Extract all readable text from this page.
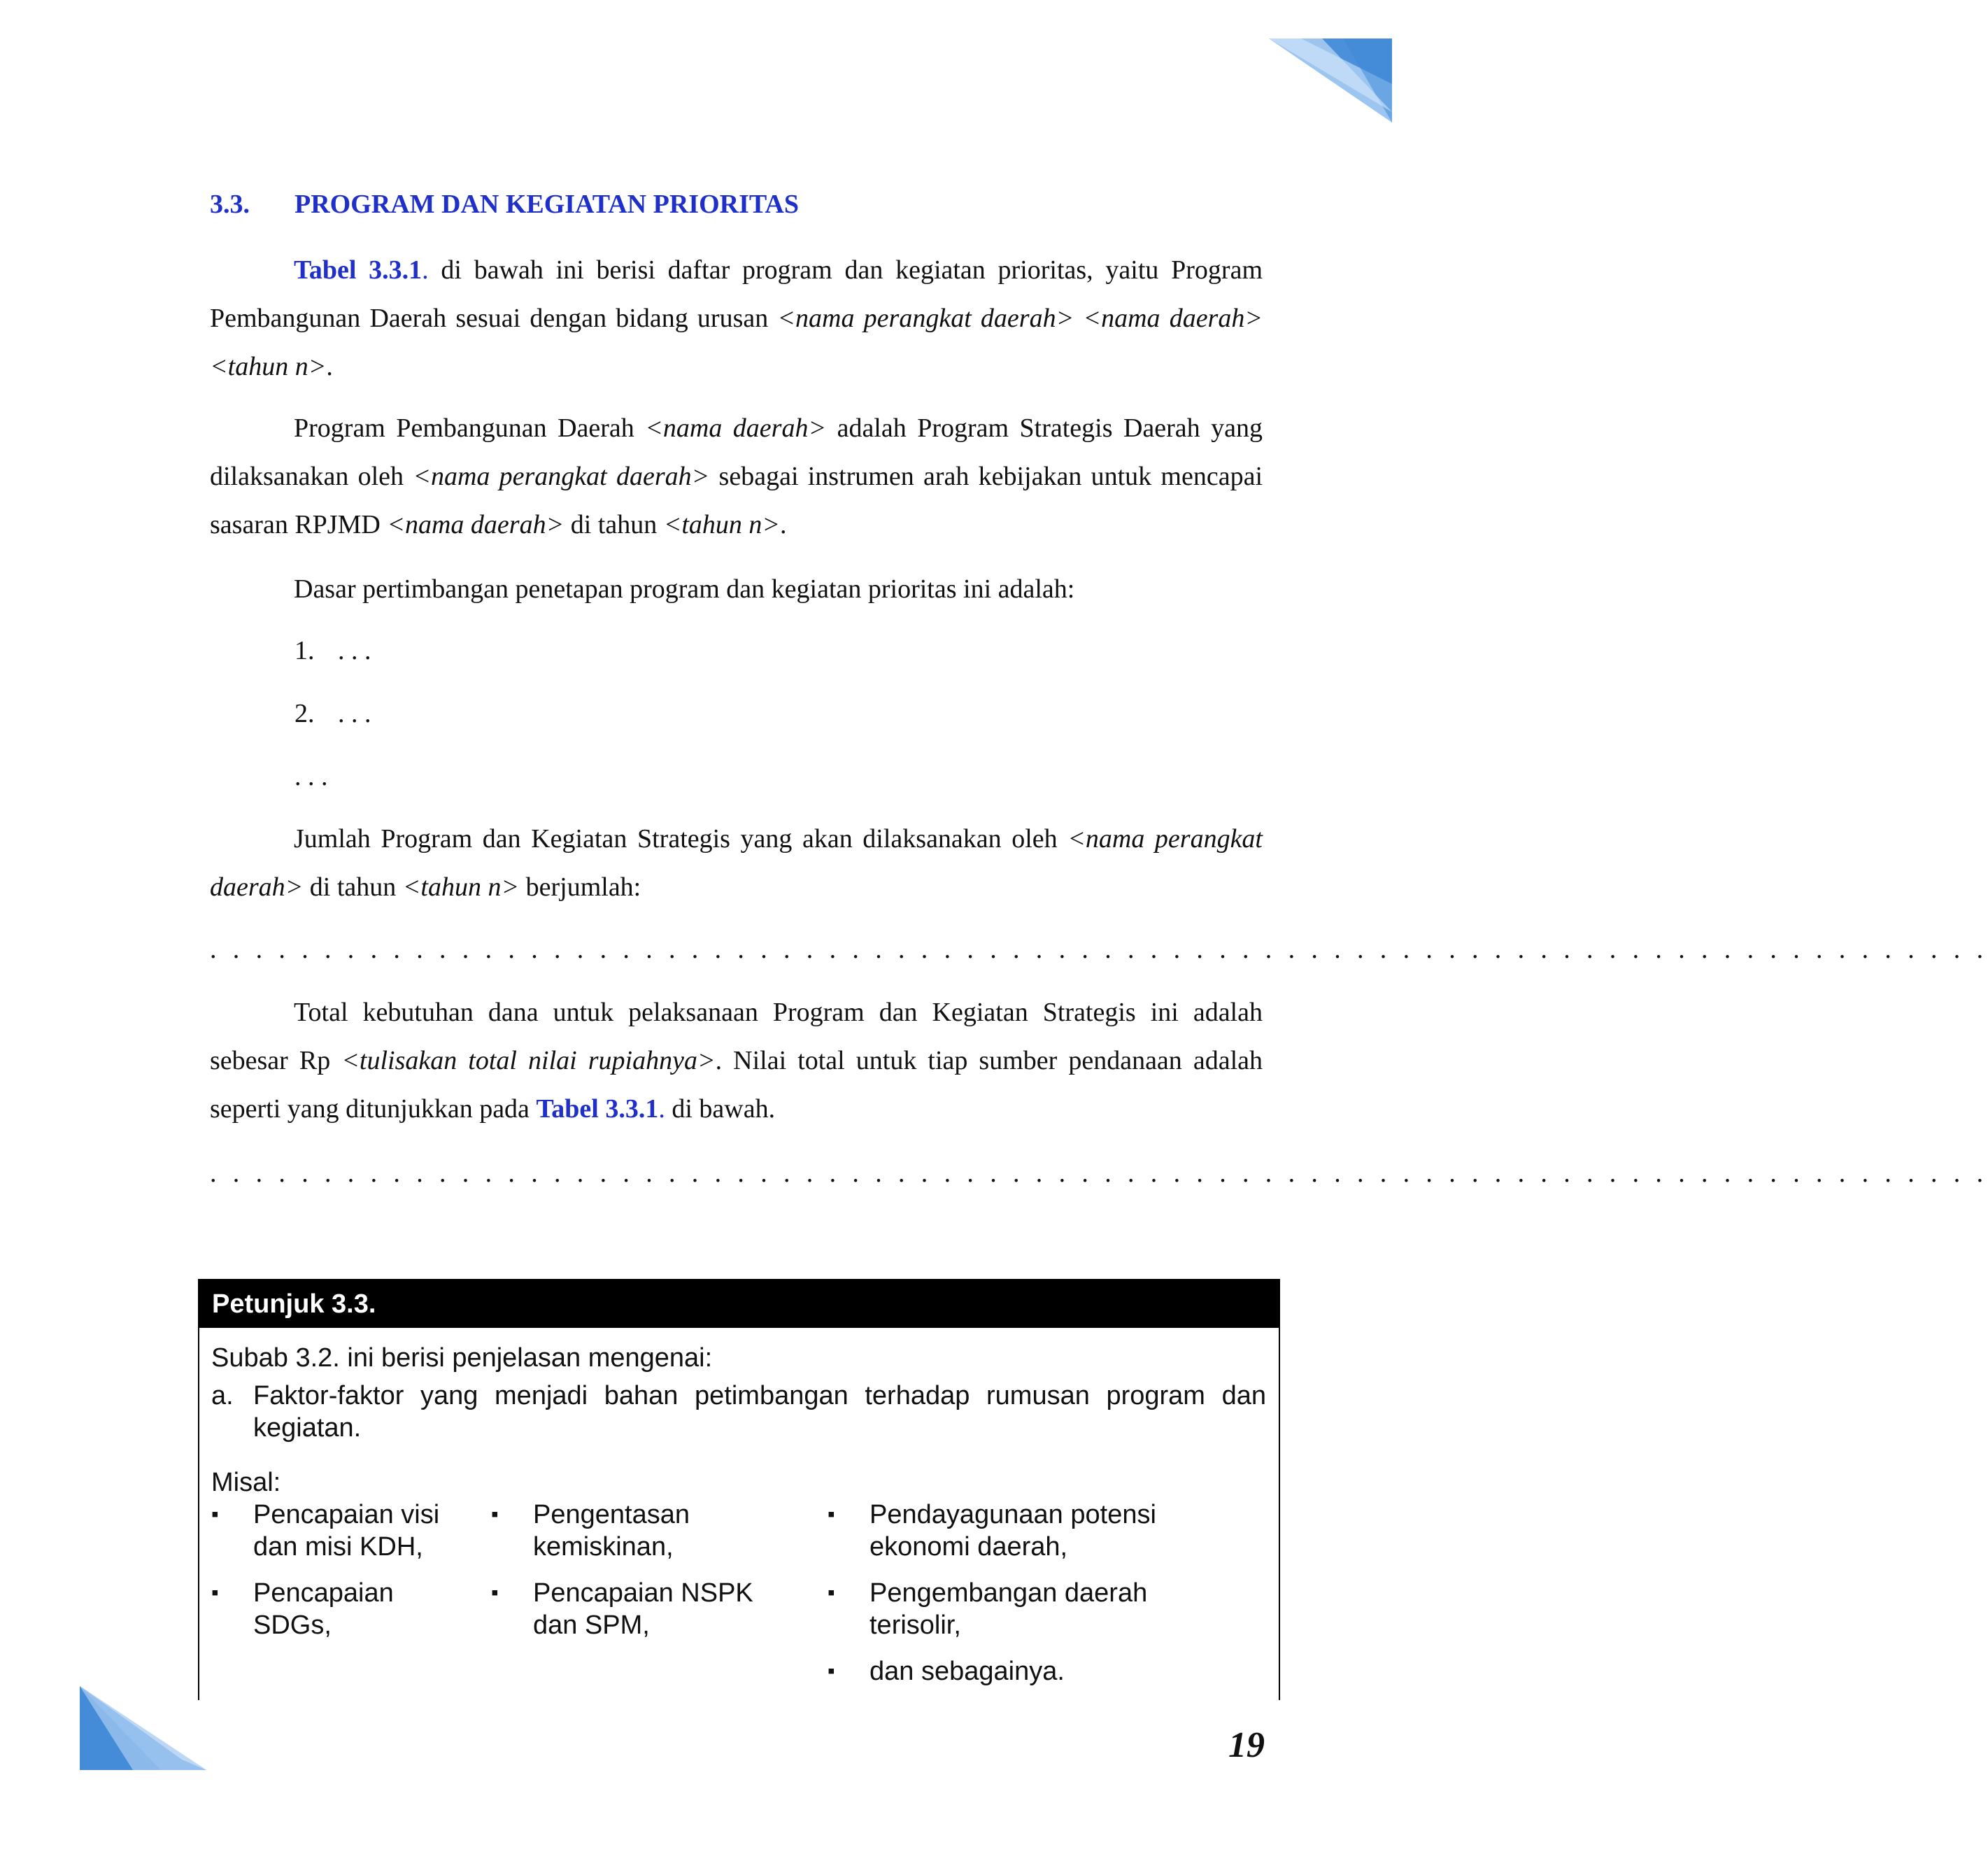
3.3. PROGRAM DAN KEGIATAN PRIORITAS

Tabel 3.3.1. di bawah ini berisi daftar program dan kegiatan prioritas, yaitu Program Pembangunan Daerah sesuai dengan bidang urusan <nama perangkat daerah> <nama daerah> <tahun n>.

Program Pembangunan Daerah <nama daerah> adalah Program Strategis Daerah yang dilaksanakan oleh <nama perangkat daerah> sebagai instrumen arah kebijakan untuk mencapai sasaran RPJMD <nama daerah> di tahun <tahun n>.

Dasar pertimbangan penetapan program dan kegiatan prioritas ini adalah:

1. . . .
2. . . .
. . .

Jumlah Program dan Kegiatan Strategis yang akan dilaksanakan oleh <nama perangkat daerah> di tahun <tahun n> berjumlah:

. . . . . . . . . . . . . . . . . . . . . . . . . . . . . . . . . . . . . . . . . . . . . . . . . . . . . . . . . . . . . . . . . . . . . . . . . . . . . .

Total kebutuhan dana untuk pelaksanaan Program dan Kegiatan Strategis ini adalah sebesar Rp <tulisakan total nilai rupiahnya>. Nilai total untuk tiap sumber pendanaan adalah seperti yang ditunjukkan pada Tabel 3.3.1. di bawah.

. . . . . . . . . . . . . . . . . . . . . . . . . . . . . . . . . . . . . . . . . . . . . . . . . . . . . . . . . . . . . . . . . . . . . . . . . . . . . .
Petunjuk 3.3.

Subab 3.2. ini berisi penjelasan mengenai:

a. Faktor-faktor yang menjadi bahan petimbangan terhadap rumusan program dan kegiatan.

Misal:
▪ Pencapaian visi dan misi KDH,
▪ Pencapaian SDGs,
▪ Pengentasan kemiskinan,
▪ Pencapaian NSPK dan SPM,
▪ Pendayagunaan potensi ekonomi daerah,
▪ Pengembangan daerah terisolir,
▪ dan sebagainya.
19
